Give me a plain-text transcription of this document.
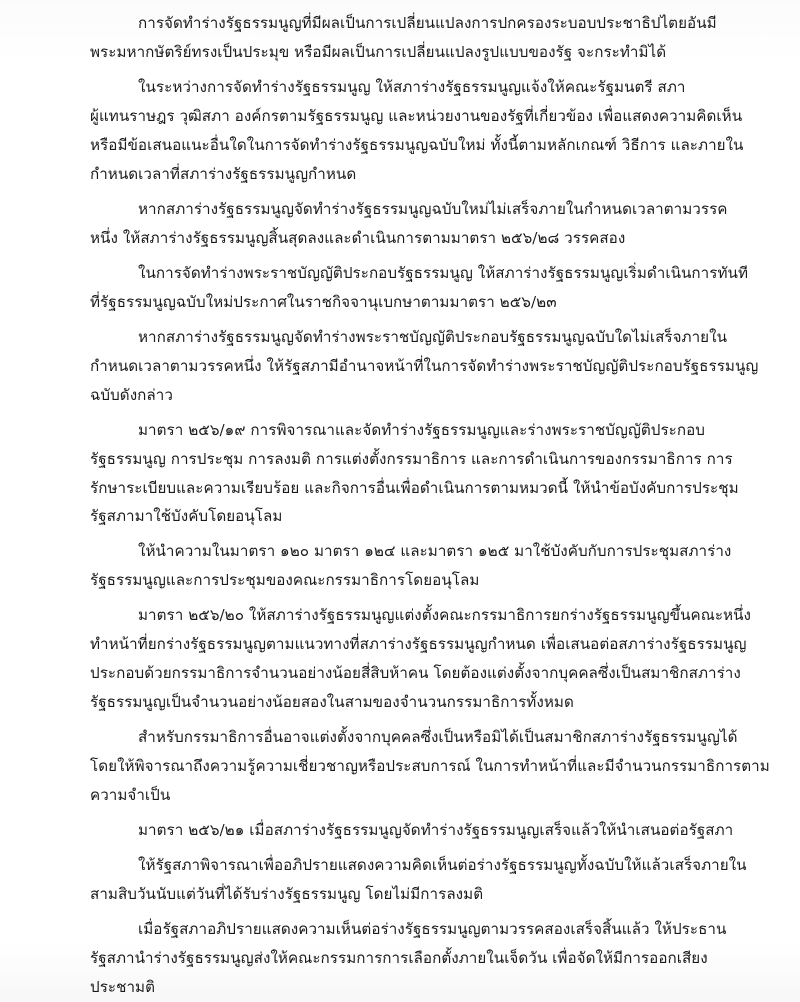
การจัดทำร่างรัฐธรรมนูญที่มีผลเป็นการเปลี่ยนแปลงการปกครองระบอบประชาธิปไตยอันมี
พระมหากษัตริย์ทรงเป็นประมุข หรือมีผลเป็นการเปลี่ยนแปลงรูปแบบของรัฐ จะกระทำมิได้
ในระหว่างการจัดทำร่างรัฐธรรมนูญ ให้สภาร่างรัฐธรรมนูญแจ้งให้คณะรัฐมนตรี สภา
ผู้แทนราษฎร วุฒิสภา องค์กรตามรัฐธรรมนูญ และหน่วยงานของรัฐที่เกี่ยวข้อง เพื่อแสดงความคิดเห็น
หรือมีข้อเสนอแนะอื่นใดในการจัดทำร่างรัฐธรรมนูญฉบับใหม่ ทั้งนี้ตามหลักเกณฑ์ วิธีการ และภายใน
กำหนดเวลาที่สภาร่างรัฐธรรมนูญกำหนด
หากสภาร่างรัฐธรรมนูญจัดทำร่างรัฐธรรมนูญฉบับใหม่ไม่เสร็จภายในกำหนดเวลาตามวรรค
หนึ่ง ให้สภาร่างรัฐธรรมนูญสิ้นสุดลงและดำเนินการตามมาตรา ๒๕๖/๒๘ วรรคสอง
ในการจัดทำร่างพระราชบัญญัติประกอบรัฐธรรมนูญ ให้สภาร่างรัฐธรรมนูญเริ่มดำเนินการทันที
ที่รัฐธรรมนูญฉบับใหม่ประกาศในราชกิจจานุเบกษาตามมาตรา ๒๕๖/๒๓
หากสภาร่างรัฐธรรมนูญจัดทำร่างพระราชบัญญัติประกอบรัฐธรรมนูญฉบับใดไม่เสร็จภายใน
กำหนดเวลาตามวรรคหนึ่ง ให้รัฐสภามีอำนาจหน้าที่ในการจัดทำร่างพระราชบัญญัติประกอบรัฐธรรมนูญ
ฉบับดังกล่าว
มาตรา ๒๕๖/๑๙ การพิจารณาและจัดทำร่างรัฐธรรมนูญและร่างพระราชบัญญัติประกอบ
รัฐธรรมนูญ การประชุม การลงมติ การแต่งตั้งกรรมาธิการ และการดำเนินการของกรรมาธิการ การ
รักษาระเบียบและความเรียบร้อย และกิจการอื่นเพื่อดำเนินการตามหมวดนี้ ให้นำข้อบังคับการประชุม
รัฐสภามาใช้บังคับโดยอนุโลม
ให้นำความในมาตรา ๑๒๐ มาตรา ๑๒๔ และมาตรา ๑๒๕ มาใช้บังคับกับการประชุมสภาร่าง
รัฐธรรมนูญและการประชุมของคณะกรรมาธิการโดยอนุโลม
มาตรา ๒๕๖/๒๐ ให้สภาร่างรัฐธรรมนูญแต่งตั้งคณะกรรมาธิการยกร่างรัฐธรรมนูญขึ้นคณะหนึ่ง
ทำหน้าที่ยกร่างรัฐธรรมนูญตามแนวทางที่สภาร่างรัฐธรรมนูญกำหนด เพื่อเสนอต่อสภาร่างรัฐธรรมนูญ
ประกอบด้วยกรรมาธิการจำนวนอย่างน้อยสี่สิบห้าคน โดยต้องแต่งตั้งจากบุคคลซึ่งเป็นสมาชิกสภาร่าง
รัฐธรรมนูญเป็นจำนวนอย่างน้อยสองในสามของจำนวนกรรมาธิการทั้งหมด
สำหรับกรรมาธิการอื่นอาจแต่งตั้งจากบุคคลซึ่งเป็นหรือมิได้เป็นสมาชิกสภาร่างรัฐธรรมนูญได้
โดยให้พิจารณาถึงความรู้ความเชี่ยวชาญหรือประสบการณ์ ในการทำหน้าที่และมีจำนวนกรรมาธิการตาม
ความจำเป็น
มาตรา ๒๕๖/๒๑ เมื่อสภาร่างรัฐธรรมนูญจัดทำร่างรัฐธรรมนูญเสร็จแล้วให้นำเสนอต่อรัฐสภา
ให้รัฐสภาพิจารณาเพื่ออภิปรายแสดงความคิดเห็นต่อร่างรัฐธรรมนูญทั้งฉบับให้แล้วเสร็จภายใน
สามสิบวันนับแต่วันที่ได้รับร่างรัฐธรรมนูญ โดยไม่มีการลงมติ
เมื่อรัฐสภาอภิปรายแสดงความเห็นต่อร่างรัฐธรรมนูญตามวรรคสองเสร็จสิ้นแล้ว ให้ประธาน
รัฐสภานำร่างรัฐธรรมนูญส่งให้คณะกรรมการการเลือกตั้งภายในเจ็ดวัน เพื่อจัดให้มีการออกเสียง
ประชามติ
